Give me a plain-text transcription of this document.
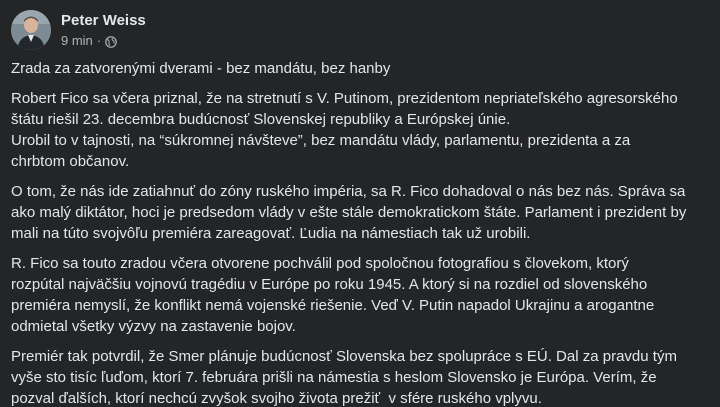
Peter Weiss
9 min ·

Zrada za zatvorenými dverami - bez mandátu, bez hanby

Robert Fico sa včera priznal, že na stretnutí s V. Putinom, prezidentom nepriateľského agresorského
štátu riešil 23. decembra budúcnosť Slovenskej republiky a Európskej únie.
Urobil to v tajnosti, na “súkromnej návšteve”, bez mandátu vlády, parlamentu, prezidenta a za
chrbtom občanov.

O tom, že nás ide zatiahnuť do zóny ruského impéria, sa R. Fico dohadoval o nás bez nás. Správa sa
ako malý diktátor, hoci je predsedom vlády v ešte stále demokratickom štáte. Parlament i prezident by
mali na túto svojvôľu premiéra zareagovať. Ľudia na námestiach tak už urobili.

R. Fico sa touto zradou včera otvorene pochválil pod spoločnou fotografiou s človekom, ktorý
rozpútal najväčšiu vojnovú tragédiu v Európe po roku 1945. A ktorý si na rozdiel od slovenského
premiéra nemyslí, že konflikt nemá vojenské riešenie. Veď V. Putin napadol Ukrajinu a arogantne
odmietal všetky výzvy na zastavenie bojov.

Premiér tak potvrdil, že Smer plánuje budúcnosť Slovenska bez spolupráce s EÚ. Dal za pravdu tým
vyše sto tisíc ľuďom, ktorí 7. februára prišli na námestia s heslom Slovensko je Európa. Verím, že
pozval ďalších, ktorí nechcú zvyšok svojho života prežiť  v sfére ruského vplyvu.
